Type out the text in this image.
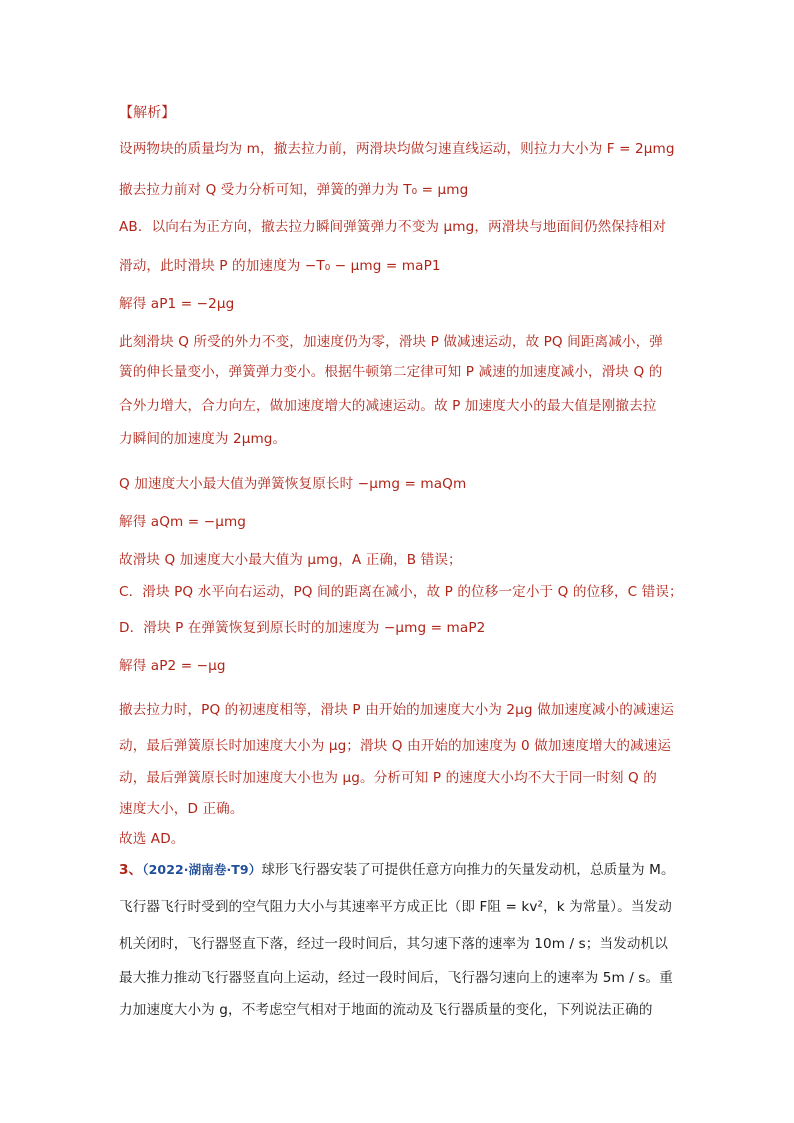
【解析】
设两物块的质量均为 m，撤去拉力前，两滑块均做匀速直线运动，则拉力大小为 F = 2μmg
撤去拉力前对 Q 受力分析可知，弹簧的弹力为 T₀ = μmg
AB．以向右为正方向，撤去拉力瞬间弹簧弹力不变为 μmg，两滑块与地面间仍然保持相对
滑动，此时滑块 P 的加速度为 −T₀ − μmg = maP1
解得 aP1 = −2μg
此刻滑块 Q 所受的外力不变，加速度仍为零，滑块 P 做减速运动，故 PQ 间距离减小，弹
簧的伸长量变小，弹簧弹力变小。根据牛顿第二定律可知 P 减速的加速度减小，滑块 Q 的
合外力增大，合力向左，做加速度增大的减速运动。故 P 加速度大小的最大值是刚撤去拉
力瞬间的加速度为 2μmg。
Q 加速度大小最大值为弹簧恢复原长时 −μmg = maQm
解得 aQm = −μmg
故滑块 Q 加速度大小最大值为 μmg，A 正确，B 错误；
C．滑块 PQ 水平向右运动，PQ 间的距离在减小，故 P 的位移一定小于 Q 的位移，C 错误；
D．滑块 P 在弹簧恢复到原长时的加速度为 −μmg = maP2
解得 aP2 = −μg
撤去拉力时，PQ 的初速度相等，滑块 P 由开始的加速度大小为 2μg 做加速度减小的减速运
动，最后弹簧原长时加速度大小为 μg；滑块 Q 由开始的加速度为 0 做加速度增大的减速运
动，最后弹簧原长时加速度大小也为 μg。分析可知 P 的速度大小均不大于同一时刻 Q 的
速度大小，D 正确。
故选 AD。
3、（2022·湖南卷·T9）球形飞行器安装了可提供任意方向推力的矢量发动机，总质量为 M。
飞行器飞行时受到的空气阻力大小与其速率平方成正比（即 F阻 = kv²，k 为常量）。当发动
机关闭时，飞行器竖直下落，经过一段时间后，其匀速下落的速率为 10m / s；当发动机以
最大推力推动飞行器竖直向上运动，经过一段时间后，飞行器匀速向上的速率为 5m / s。重
力加速度大小为 g，不考虑空气相对于地面的流动及飞行器质量的变化，下列说法正确的
